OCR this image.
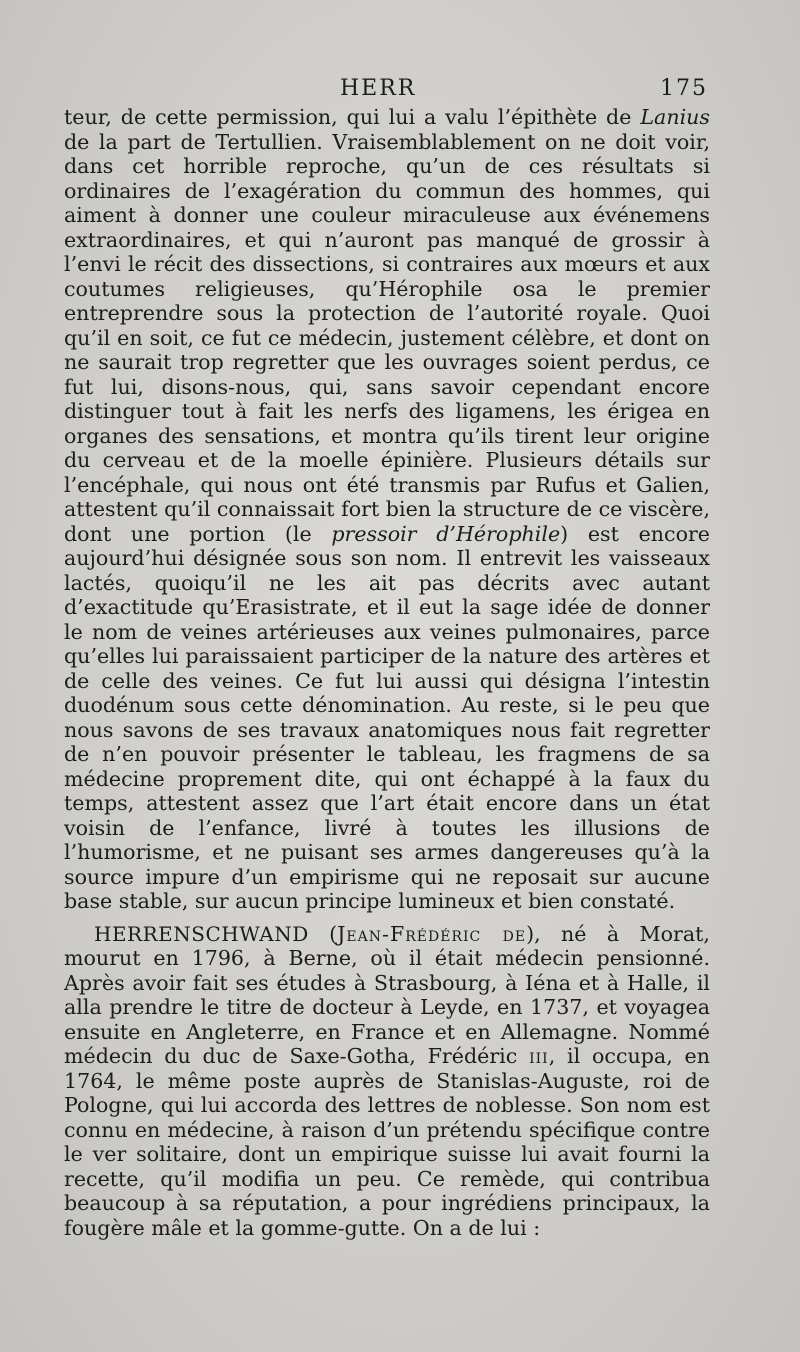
HERR	175

teur, de cette permission, qui lui a valu l’épithète de Lanius de la part de Tertullien. Vraisemblablement on ne doit voir, dans cet horrible reproche, qu’un de ces résultats si ordinaires de l’exagération du commun des hommes, qui aiment à donner une couleur miraculeuse aux événemens extraordinaires, et qui n’auront pas manqué de grossir à l’envi le récit des dissections, si contraires aux mœurs et aux coutumes religieuses, qu’Hérophile osa le premier entreprendre sous la protection de l’autorité royale. Quoi qu’il en soit, ce fut ce médecin, justement célèbre, et dont on ne saurait trop regretter que les ouvrages soient perdus, ce fut lui, disons-nous, qui, sans savoir cependant encore distinguer tout à fait les nerfs des ligamens, les érigea en organes des sensations, et montra qu’ils tirent leur origine du cerveau et de la moelle épinière. Plusieurs détails sur l’encéphale, qui nous ont été transmis par Rufus et Galien, attestent qu’il connaissait fort bien la structure de ce viscère, dont une portion (le pressoir d’Hérophile) est encore aujourd’hui désignée sous son nom. Il entrevit les vaisseaux lactés, quoiqu’il ne les ait pas décrits avec autant d’exactitude qu’Erasistrate, et il eut la sage idée de donner le nom de veines artérieuses aux veines pulmonaires, parce qu’elles lui paraissaient participer de la nature des artères et de celle des veines. Ce fut lui aussi qui désigna l’intestin duodénum sous cette dénomination. Au reste, si le peu que nous savons de ses travaux anatomiques nous fait regretter de n’en pouvoir présenter le tableau, les fragmens de sa médecine proprement dite, qui ont échappé à la faux du temps, attestent assez que l’art était encore dans un état voisin de l’enfance, livré à toutes les illusions de l’humorisme, et ne puisant ses armes dangereuses qu’à la source impure d’un empirisme qui ne reposait sur aucune base stable, sur aucun principe lumineux et bien constaté.

HERRENSCHWAND (Jean-Frédéric de), né à Morat, mourut en 1796, à Berne, où il était médecin pensionné. Après avoir fait ses études à Strasbourg, à Iéna et à Halle, il alla prendre le titre de docteur à Leyde, en 1737, et voyagea ensuite en Angleterre, en France et en Allemagne. Nommé médecin du duc de Saxe-Gotha, Frédéric iii, il occupa, en 1764, le même poste auprès de Stanislas-Auguste, roi de Pologne, qui lui accorda des lettres de noblesse. Son nom est connu en médecine, à raison d’un prétendu spécifique contre le ver solitaire, dont un empirique suisse lui avait fourni la recette, qu’il modifia un peu. Ce remède, qui contribua beaucoup à sa réputation, a pour ingrédiens principaux, la fougère mâle et la gomme-gutte. On a de lui :
